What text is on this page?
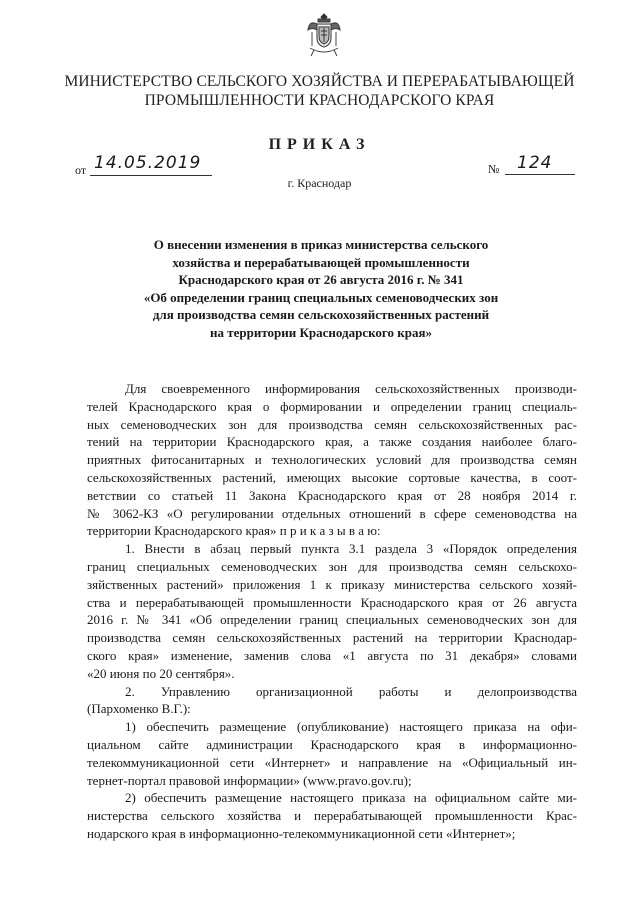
МИНИСТЕРСТВО СЕЛЬСКОГО ХОЗЯЙСТВА И ПЕРЕРАБАТЫВАЮЩЕЙ
ПРОМЫШЛЕННОСТИ КРАСНОДАРСКОГО КРАЯ
ПРИКАЗ
от 14.05.2019	№	124
г. Краснодар
О внесении изменения в приказ министерства сельского
хозяйства и перерабатывающей промышленности
Краснодарского края от 26 августа 2016 г. № 341
«Об определении границ специальных семеноводческих зон
для производства семян сельскохозяйственных растений
на территории Краснодарского края»
Для своевременного информирования сельскохозяйственных производи-
телей Краснодарского края о формировании и определении границ специаль-
ных семеноводческих зон для производства семян сельскохозяйственных рас-
тений на территории Краснодарского края, а также создания наиболее благо-
приятных фитосанитарных и технологических условий для производства семян
сельскохозяйственных растений, имеющих высокие сортовые качества, в соот-
ветствии со статьей 11 Закона Краснодарского края от 28 ноября 2014 г.
№ 3062-КЗ «О регулировании отдельных отношений в сфере семеноводства на
территории Краснодарского края» п р и к а з ы в а ю:
1. Внести в абзац первый пункта 3.1 раздела 3 «Порядок определения
границ специальных семеноводческих зон для производства семян сельскохо-
зяйственных растений» приложения 1 к приказу министерства сельского хозяй-
ства и перерабатывающей промышленности Краснодарского края от 26 августа
2016 г. № 341 «Об определении границ специальных семеноводческих зон для
производства семян сельскохозяйственных растений на территории Краснодар-
ского края» изменение, заменив слова «1 августа по 31 декабря» словами
«20 июня по 20 сентября».
2. Управлению организационной работы и делопроизводства
(Пархоменко В.Г.):
1) обеспечить размещение (опубликование) настоящего приказа на офи-
циальном сайте администрации Краснодарского края в информационно-
телекоммуникационной сети «Интернет» и направление на «Официальный ин-
тернет-портал правовой информации» (www.pravo.gov.ru);
2) обеспечить размещение настоящего приказа на официальном сайте ми-
нистерства сельского хозяйства и перерабатывающей промышленности Крас-
нодарского края в информационно-телекоммуникационной сети «Интернет»;
